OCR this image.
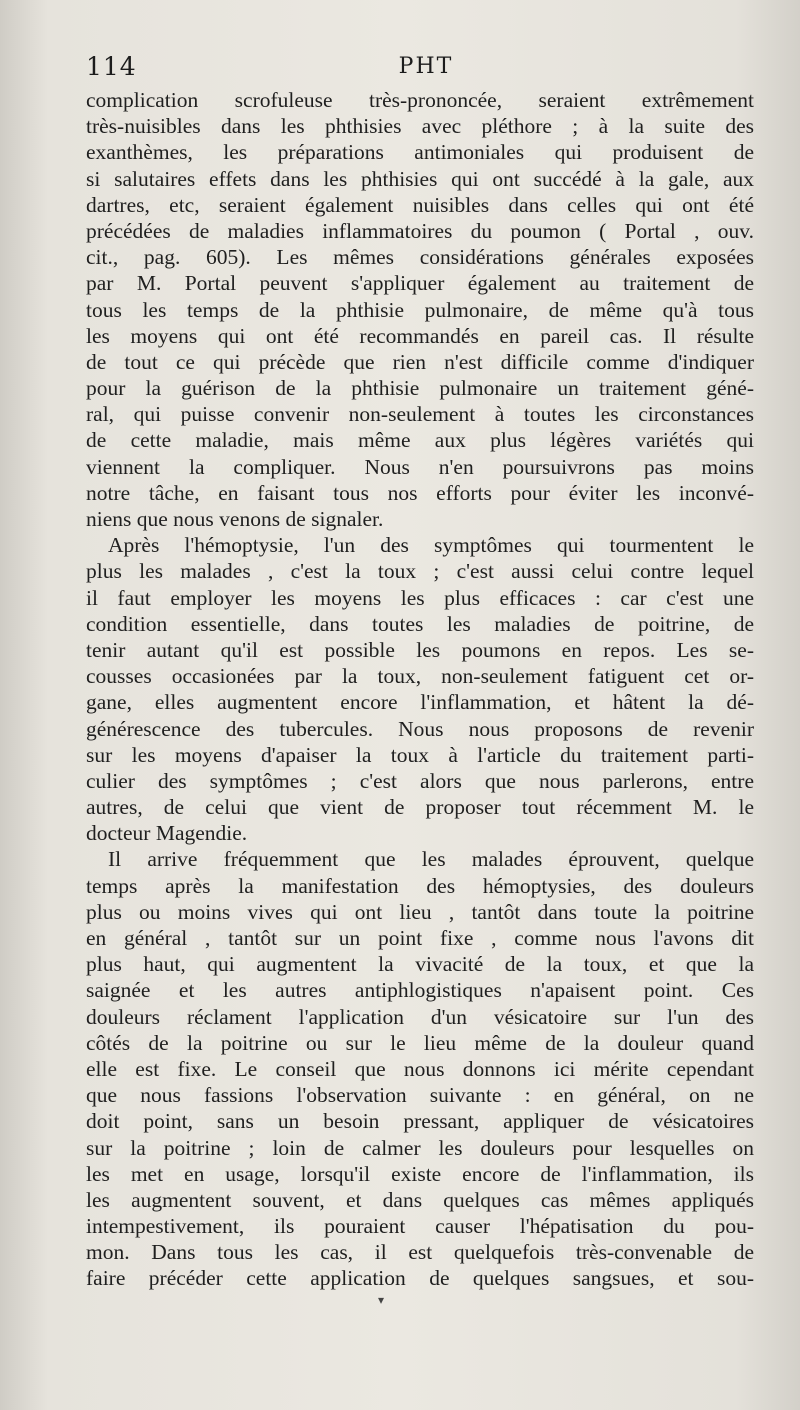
114	PHT
complication scrofuleuse très-prononcée, seraient extrêmement
très-nuisibles dans les phthisies avec pléthore ; à la suite des
exanthèmes, les préparations antimoniales qui produisent de
si salutaires effets dans les phthisies qui ont succédé à la gale, aux
dartres, etc, seraient également nuisibles dans celles qui ont été
précédées de maladies inflammatoires du poumon ( Portal , ouv.
cit., pag. 605). Les mêmes considérations générales exposées
par M. Portal peuvent s'appliquer également au traitement de
tous les temps de la phthisie pulmonaire, de même qu'à tous
les moyens qui ont été recommandés en pareil cas. Il résulte
de tout ce qui précède que rien n'est difficile comme d'indiquer
pour la guérison de la phthisie pulmonaire un traitement géné-
ral, qui puisse convenir non-seulement à toutes les circonstances
de cette maladie, mais même aux plus légères variétés qui
viennent la compliquer. Nous n'en poursuivrons pas moins
notre tâche, en faisant tous nos efforts pour éviter les inconvé-
niens que nous venons de signaler.
Après l'hémoptysie, l'un des symptômes qui tourmentent le
plus les malades , c'est la toux ; c'est aussi celui contre lequel
il faut employer les moyens les plus efficaces : car c'est une
condition essentielle, dans toutes les maladies de poitrine, de
tenir autant qu'il est possible les poumons en repos. Les se-
cousses occasionées par la toux, non-seulement fatiguent cet or-
gane, elles augmentent encore l'inflammation, et hâtent la dé-
générescence des tubercules. Nous nous proposons de revenir
sur les moyens d'apaiser la toux à l'article du traitement parti-
culier des symptômes ; c'est alors que nous parlerons, entre
autres, de celui que vient de proposer tout récemment M. le
docteur Magendie.
Il arrive fréquemment que les malades éprouvent, quelque
temps après la manifestation des hémoptysies, des douleurs
plus ou moins vives qui ont lieu , tantôt dans toute la poitrine
en général , tantôt sur un point fixe , comme nous l'avons dit
plus haut, qui augmentent la vivacité de la toux, et que la
saignée et les autres antiphlogistiques n'apaisent point. Ces
douleurs réclament l'application d'un vésicatoire sur l'un des
côtés de la poitrine ou sur le lieu même de la douleur quand
elle est fixe. Le conseil que nous donnons ici mérite cependant
que nous fassions l'observation suivante : en général, on ne
doit point, sans un besoin pressant, appliquer de vésicatoires
sur la poitrine ; loin de calmer les douleurs pour lesquelles on
les met en usage, lorsqu'il existe encore de l'inflammation, ils
les augmentent souvent, et dans quelques cas mêmes appliqués
intempestivement, ils pouraient causer l'hépatisation du pou-
mon. Dans tous les cas, il est quelquefois très-convenable de
faire précéder cette application de quelques sangsues, et sou-
▾
